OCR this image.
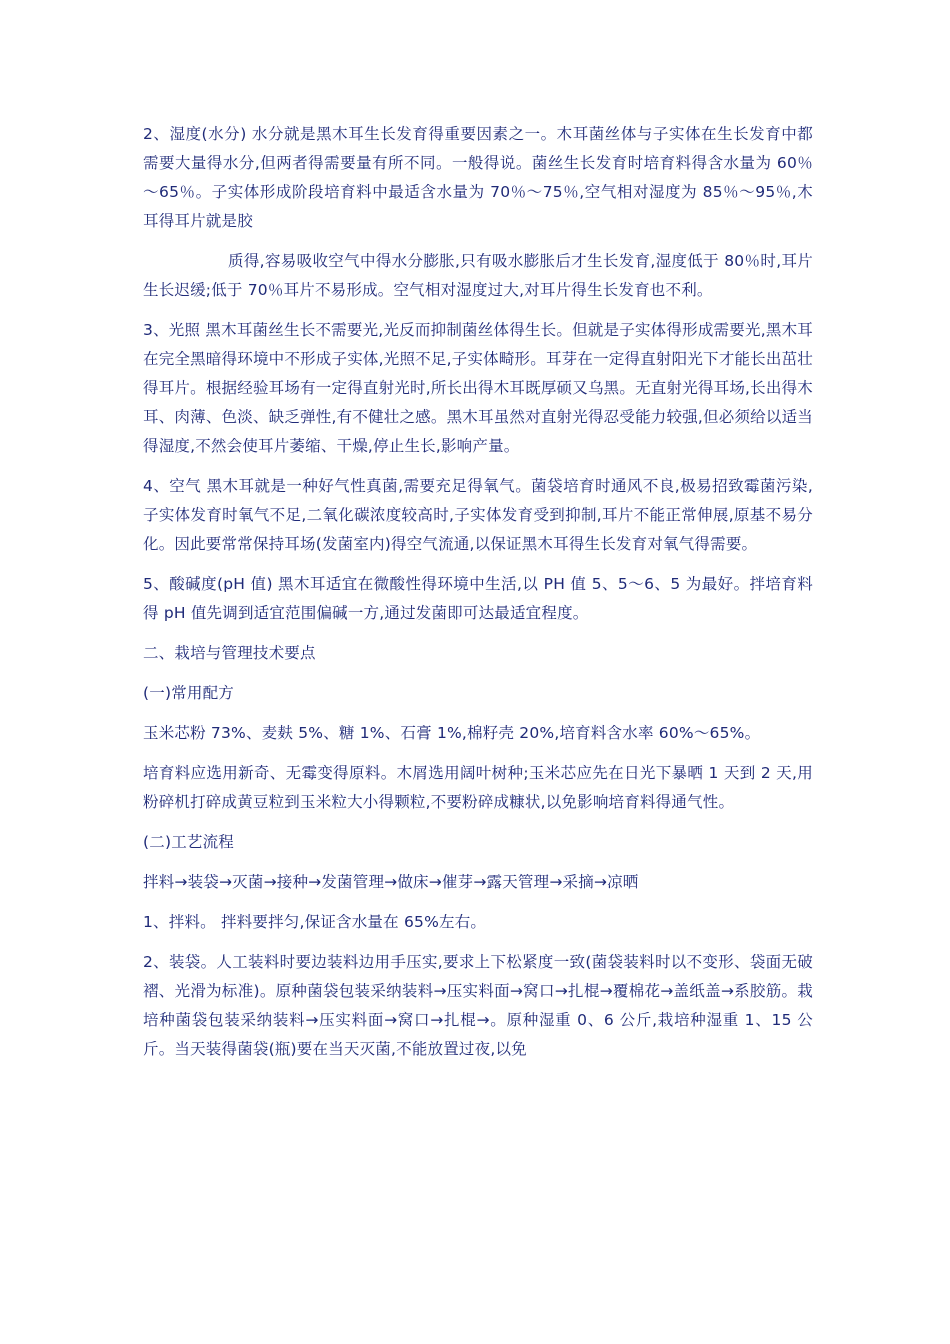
2、湿度(水分) 水分就是黑木耳生长发育得重要因素之一。木耳菌丝体与子实体在生长发育中都需要大量得水分,但两者得需要量有所不同。一般得说。菌丝生长发育时培育料得含水量为 60％～65％。子实体形成阶段培育料中最适含水量为 70％～75％,空气相对湿度为 85％～95％,木耳得耳片就是胶

质得,容易吸收空气中得水分膨胀,只有吸水膨胀后才生长发育,湿度低于 80％时,耳片生长迟缓;低于 70％耳片不易形成。空气相对湿度过大,对耳片得生长发育也不利。

3、光照 黑木耳菌丝生长不需要光,光反而抑制菌丝体得生长。但就是子实体得形成需要光,黑木耳在完全黑暗得环境中不形成子实体,光照不足,子实体畸形。耳芽在一定得直射阳光下才能长出茁壮得耳片。根据经验耳场有一定得直射光时,所长出得木耳既厚硕又乌黑。无直射光得耳场,长出得木耳、肉薄、色淡、缺乏弹性,有不健壮之感。黑木耳虽然对直射光得忍受能力较强,但必须给以适当得湿度,不然会使耳片萎缩、干燥,停止生长,影响产量。

4、空气 黑木耳就是一种好气性真菌,需要充足得氧气。菌袋培育时通风不良,极易招致霉菌污染,子实体发育时氧气不足,二氧化碳浓度较高时,子实体发育受到抑制,耳片不能正常伸展,原基不易分化。因此要常常保持耳场(发菌室内)得空气流通,以保证黑木耳得生长发育对氧气得需要。

5、酸碱度(pH 值) 黑木耳适宜在微酸性得环境中生活,以 PH 值 5、5～6、5 为最好。拌培育料得 pH 值先调到适宜范围偏碱一方,通过发菌即可达最适宜程度。

二、栽培与管理技术要点

(一)常用配方

玉米芯粉 73%、麦麸 5%、糖 1%、石膏 1%,棉籽壳 20%,培育料含水率 60%～65%。

培育料应选用新奇、无霉变得原料。木屑选用阔叶树种;玉米芯应先在日光下暴晒 1 天到 2 天,用粉碎机打碎成黄豆粒到玉米粒大小得颗粒,不要粉碎成糠状,以免影响培育料得通气性。

(二)工艺流程

拌料→装袋→灭菌→接种→发菌管理→做床→催芽→露天管理→采摘→凉晒

1、拌料。 拌料要拌匀,保证含水量在 65%左右。

2、装袋。人工装料时要边装料边用手压实,要求上下松紧度一致(菌袋装料时以不变形、袋面无破褶、光滑为标准)。原种菌袋包装采纳装料→压实料面→窝口→扎棍→覆棉花→盖纸盖→系胶筋。栽培种菌袋包装采纳装料→压实料面→窝口→扎棍→。原种湿重 0、6 公斤,栽培种湿重 1、15 公斤。当天装得菌袋(瓶)要在当天灭菌,不能放置过夜,以免
